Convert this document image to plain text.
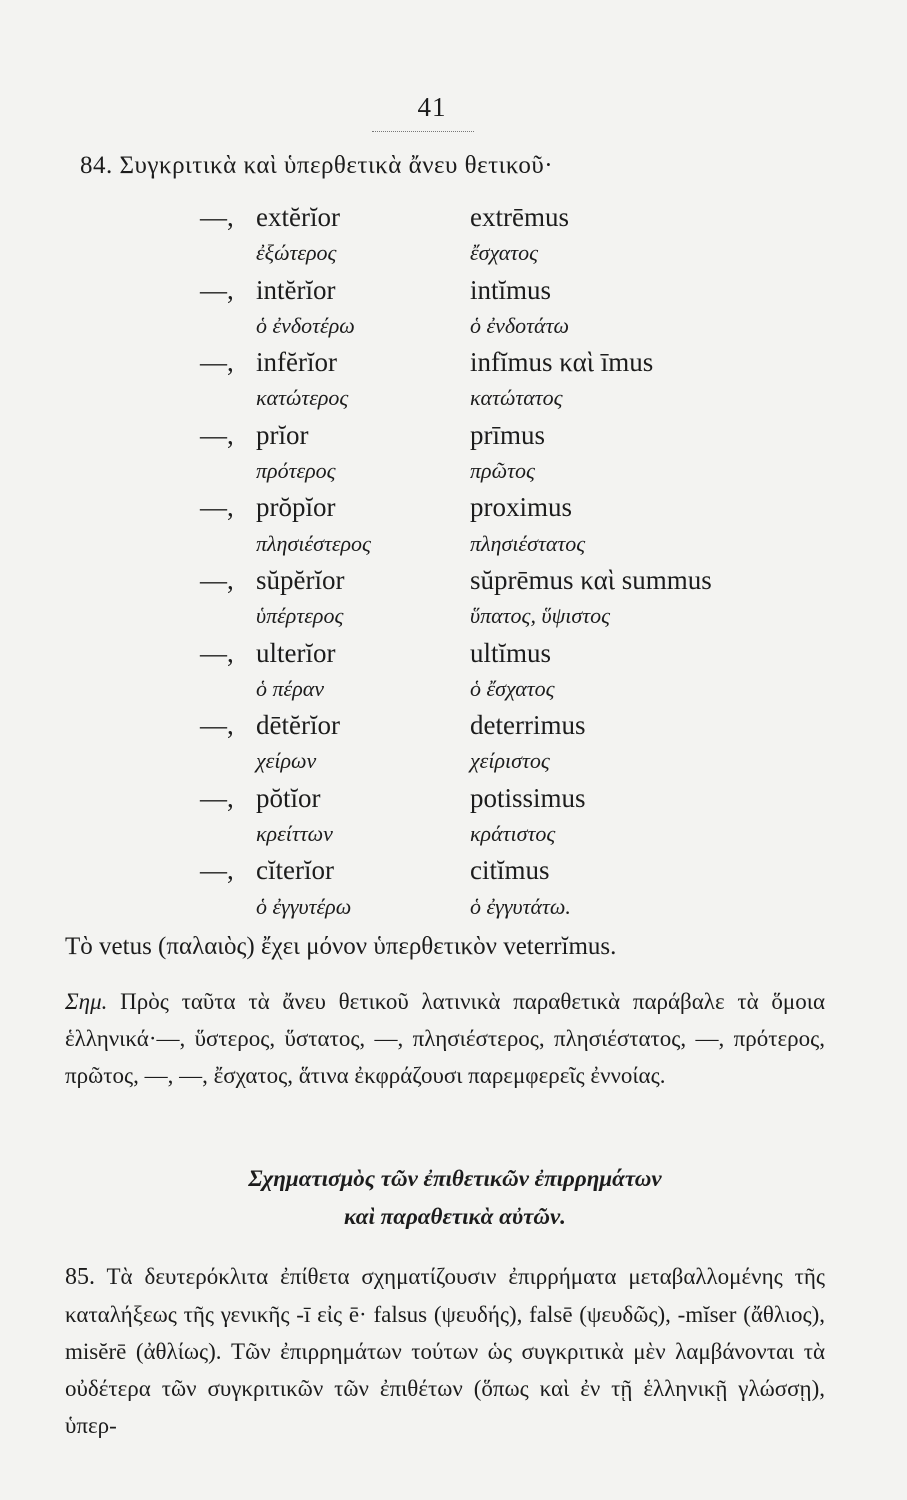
41
84. Συγκριτικὰ καὶ ὑπερθετικὰ ἄνευ θετικοῦ·
—, extĕrĭor	extrēmus
ἐξώτερος	ἔσχατος
—, intĕrĭor	intĭmus
ὁ ἐνδοτέρω	ὁ ἐνδοτάτω
—, infĕrĭor	infĭmus καὶ īmus
κατώτερος	κατώτατος
—, prĭor	prīmus
πρότερος	πρῶτος
—, prŏpĭor	proximus
πλησιέστερος	πλησιέστατος
—, sŭpĕrĭor	sŭprēmus καὶ summus
ὑπέρτερος	ὕπατος, ὕψιστος
—, ulterĭor	ultĭmus
ὁ πέραν	ὁ ἔσχατος
—, dētĕrĭor	deterrimus
χείρων	χείριστος
—, pŏtĭor	potissimus
κρείττων	κράτιστος
—, cĭterĭor	citĭmus
ὁ ἐγγυτέρω	ὁ ἐγγυτάτω.
Τὸ vetus (παλαιὸς) ἔχει μόνον ὑπερθετικὸν veterrĭmus.
Σημ. Πρὸς ταῦτα τὰ ἄνευ θετικοῦ λατινικὰ παραθετικὰ παράβαλε τὰ ὅμοια ἑλληνικά·—, ὕστερος, ὕστατος, —, πλησιέστερος, πλησιέστατος, —, πρότερος, πρῶτος, —, —, ἔσχατος, ἅτινα ἐκφράζουσι παρεμφερεῖς ἐννοίας.
Σχηματισμὸς τῶν ἐπιθετικῶν ἐπιρρημάτων
καὶ παραθετικὰ αὐτῶν.
85. Τὰ δευτερόκλιτα ἐπίθετα σχηματίζουσιν ἐπιρρήματα μεταβαλλομένης τῆς καταλήξεως τῆς γενικῆς -ī εἰς ē· falsus (ψευδής), falsē (ψευδῶς), -mĭser (ἄθλιος), misĕrē (ἀθλίως). Τῶν ἐπιρρημάτων τούτων ὡς συγκριτικὰ μὲν λαμβάνονται τὰ οὐδέτερα τῶν συγκριτικῶν τῶν ἐπιθέτων (ὅπως καὶ ἐν τῇ ἑλληνικῇ γλώσσῃ), ὑπερ-
